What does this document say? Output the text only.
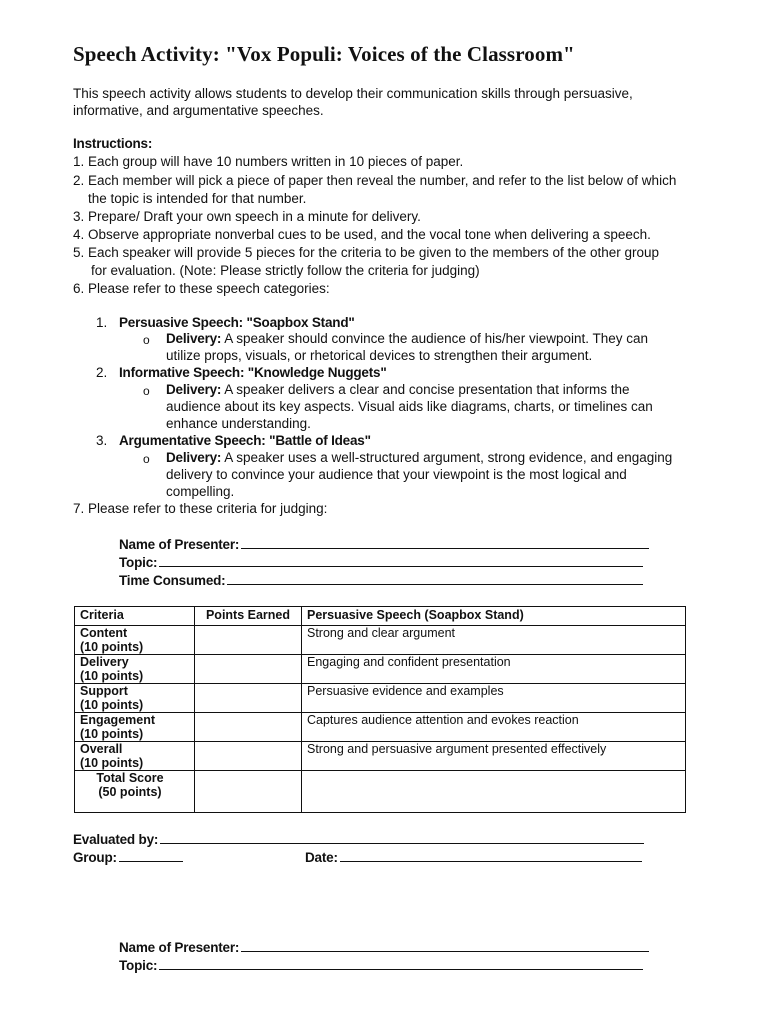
Speech Activity: "Vox Populi: Voices of the Classroom"

This speech activity allows students to develop their communication skills through persuasive, informative, and argumentative speeches.

Instructions:
1. Each group will have 10 numbers written in 10 pieces of paper.
2. Each member will pick a piece of paper then reveal the number, and refer to the list below of which
the topic is intended for that number.
3. Prepare/ Draft your own speech in a minute for delivery.
4. Observe appropriate nonverbal cues to be used, and the vocal tone when delivering a speech.
5. Each speaker will provide 5 pieces for the criteria to be given to the members of the other group
for evaluation. (Note: Please strictly follow the criteria for judging)
6. Please refer to these speech categories:
1. Persuasive Speech: "Soapbox Stand"
o Delivery: A speaker should convince the audience of his/her viewpoint. They can utilize props, visuals, or rhetorical devices to strengthen their argument.
2. Informative Speech: "Knowledge Nuggets"
o Delivery: A speaker delivers a clear and concise presentation that informs the audience about its key aspects. Visual aids like diagrams, charts, or timelines can enhance understanding.
3. Argumentative Speech: "Battle of Ideas"
o Delivery: A speaker uses a well-structured argument, strong evidence, and engaging delivery to convince your audience that your viewpoint is the most logical and compelling.
7. Please refer to these criteria for judging:
Name of Presenter:
Topic:
Time Consumed:
Criteria	Points Earned	Persuasive Speech (Soapbox Stand)

Content
(10 points)		Strong and clear argument

Delivery
(10 points)		Engaging and confident presentation

Support
(10 points)		Persuasive evidence and examples

Engagement
(10 points)		Captures audience attention and evokes reaction

Overall
(10 points)		Strong and persuasive argument presented effectively

Total Score
(50 points)		

Evaluated by:
Group:	Date:
Name of Presenter:
Topic:
